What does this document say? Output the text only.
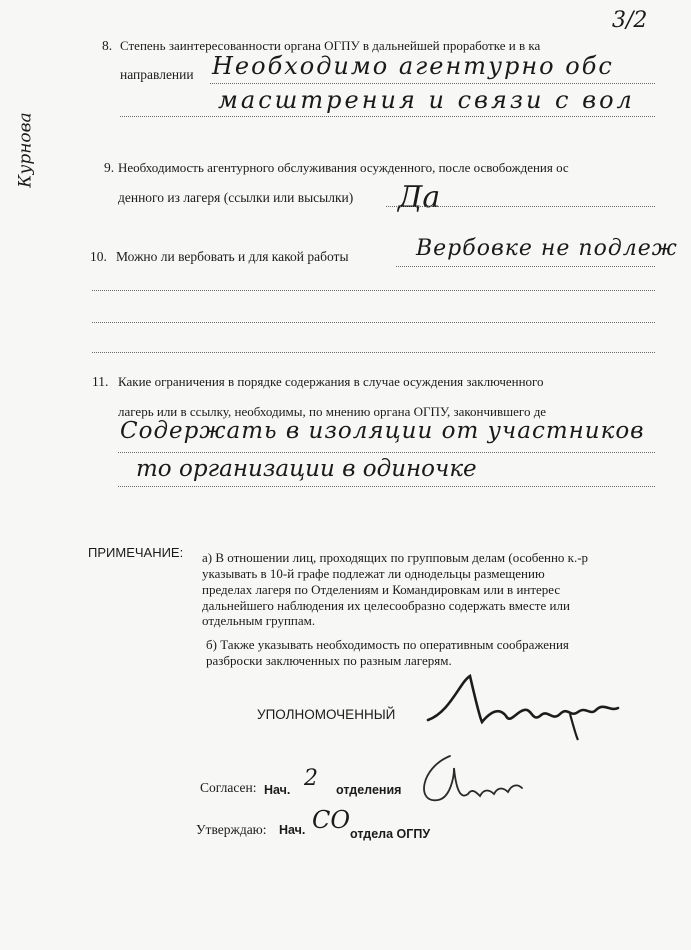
3/2
Курнова
8. Степень заинтересованности органа ОГПУ в дальнейшей проработке и в ка
направлении Необходимо агентурно обс
масштрения и связи с вол
9. Необходимость агентурного обслуживания осужденного, после освобождения ос
денного из лагеря (ссылки или высылки) Да
10. Можно ли вербовать и для какой работы	Вербовке не подлеж
11. Какие ограничения в порядке содержания в случае осуждения заключенного
лагерь или в ссылку, необходимы, по мнению органа ОГПУ, закончившего де
Содержать в изоляции от участников
то организации в одиночке
ПРИМЕЧАНИЕ: а) В отношении лиц, проходящих по групповым делам (особенно к.-р
указывать в 10-й графе подлежат ли однодельцы размещению
пределах лагеря по Отделениям и Командировкам или в интерес
дальнейшего наблюдения их целесообразно содержать вместе или
отдельным группам.
б) Также указывать необходимость по оперативным соображения
разброски заключенных по разным лагерям.
УПОЛНОМОЧЕННЫЙ
Согласен: Нач. 2 отделения
Утверждаю: Нач. СО отдела ОГПУ
